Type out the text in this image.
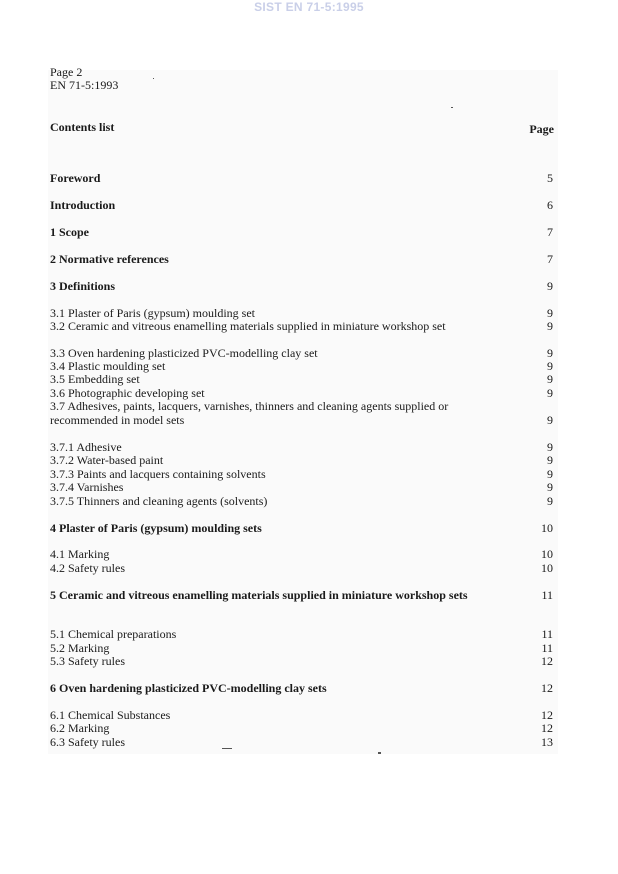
SIST EN 71-5:1995
Page 2
EN 71-5:1993
Contents list	Page
Foreword	5
Introduction	6
1 Scope	7
2 Normative references	7
3 Definitions	9
3.1 Plaster of Paris (gypsum) moulding set	9
3.2 Ceramic and vitreous enamelling materials supplied in miniature workshop set	9
3.3 Oven hardening plasticized PVC-modelling clay set	9
3.4 Plastic moulding set	9
3.5 Embedding set	9
3.6 Photographic developing set	9
3.7 Adhesives, paints, lacquers, varnishes, thinners and cleaning agents supplied or recommended in model sets	9
3.7.1 Adhesive	9
3.7.2 Water-based paint	9
3.7.3 Paints and lacquers containing solvents	9
3.7.4 Varnishes	9
3.7.5 Thinners and cleaning agents (solvents)	9
4 Plaster of Paris (gypsum) moulding sets	10
4.1 Marking	10
4.2 Safety rules	10
5 Ceramic and vitreous enamelling materials supplied in miniature workshop sets	11
5.1 Chemical preparations	11
5.2 Marking	11
5.3 Safety rules	12
6 Oven hardening plasticized PVC-modelling clay sets	12
6.1 Chemical Substances	12
6.2 Marking	12
6.3 Safety rules	13
